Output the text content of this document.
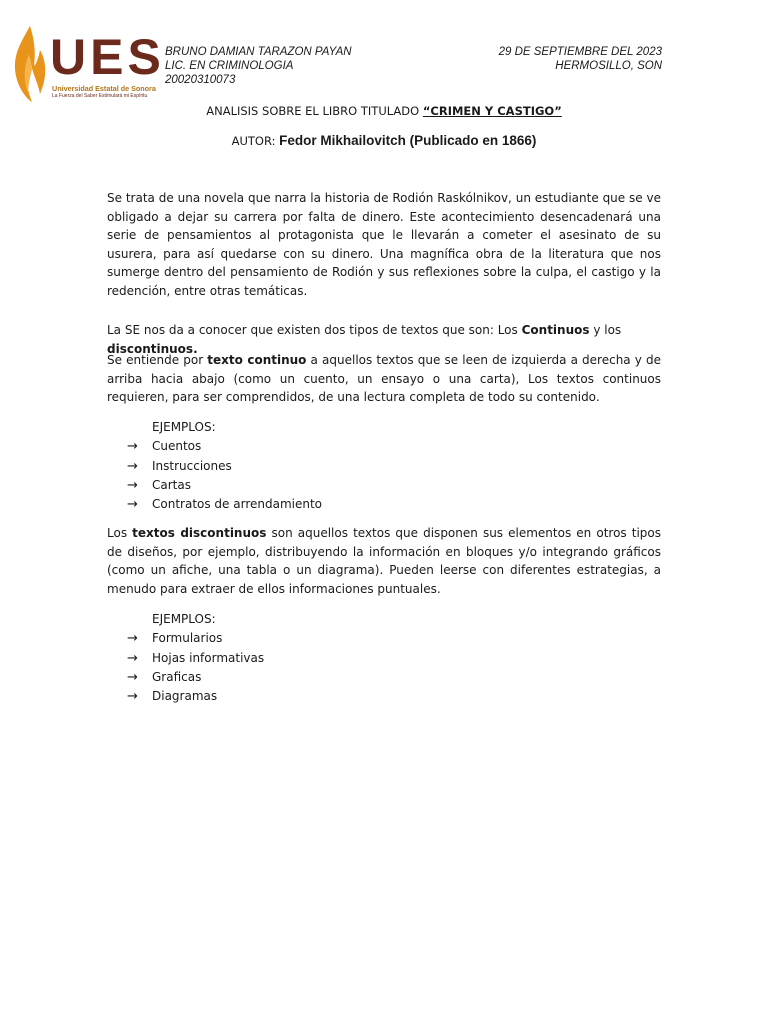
UES
Universidad Estatal de Sonora
La Fuerza del Saber Estimulará mi Espíritu
BRUNO DAMIAN TARAZON PAYAN
LIC. EN CRIMINOLOGIA
20020310073
29 DE SEPTIEMBRE DEL 2023
HERMOSILLO, SON
ANALISIS SOBRE EL LIBRO TITULADO “CRIMEN Y CASTIGO”
AUTOR: Fedor Mikhailovitch (Publicado en 1866)
Se trata de una novela que narra la historia de Rodión Raskólnikov, un estudiante que se ve obligado a dejar su carrera por falta de dinero. Este acontecimiento desencadenará una serie de pensamientos al protagonista que le llevarán a cometer el asesinato de su usurera, para así quedarse con su dinero. Una magnífica obra de la literatura que nos sumerge dentro del pensamiento de Rodión y sus reflexiones sobre la culpa, el castigo y la redención, entre otras temáticas.
La SE nos da a conocer que existen dos tipos de textos que son: Los Continuos y los discontinuos.
Se entiende por texto continuo a aquellos textos que se leen de izquierda a derecha y de arriba hacia abajo (como un cuento, un ensayo o una carta), Los textos continuos requieren, para ser comprendidos, de una lectura completa de todo su contenido.
EJEMPLOS:
→	Cuentos
→	Instrucciones
→	Cartas
→	Contratos de arrendamiento
Los textos discontinuos son aquellos textos que disponen sus elementos en otros tipos de diseños, por ejemplo, distribuyendo la información en bloques y/o integrando gráficos (como un afiche, una tabla o un diagrama). Pueden leerse con diferentes estrategias, a menudo para extraer de ellos informaciones puntuales.
EJEMPLOS:
→	Formularios
→	Hojas informativas
→	Graficas
→	Diagramas
